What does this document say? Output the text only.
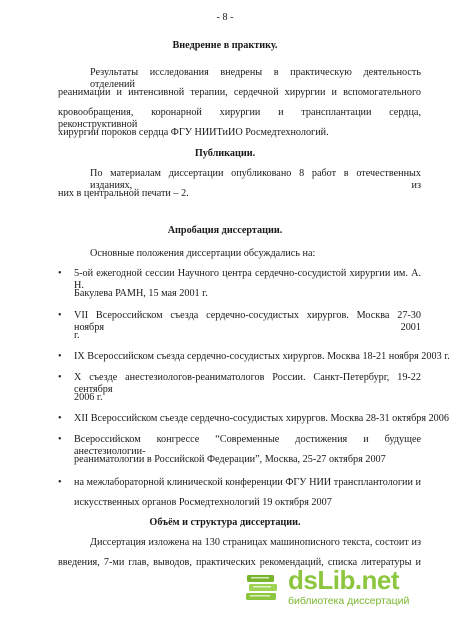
- 8 -
Внедрение в практику.
Результаты исследования внедрены в практическую деятельность отделений
реанимации и интенсивной терапии, сердечной хирургии и вспомогательного
кровообращения, коронарной хирургии и трансплантации сердца, реконструктивной
хирургии пороков сердца ФГУ НИИТиИО Росмедтехнологий.
Публикации.
По материалам диссертации опубликовано 8 работ в отечественных изданиях, из
них в центральной печати – 2.
Апробация диссертации.
Основные положения диссертации обсуждались на:
• 5-ой ежегодной сессии Научного центра сердечно-сосудистой хирургии им. А. Н.
Бакулева РАМН, 15 мая 2001 г.
• VII Всероссийском съезда сердечно-сосудистых хирургов. Москва 27-30 ноября 2001
г.
• IX Всероссийском съезда сердечно-сосудистых хирургов. Москва 18-21 ноября 2003 г.
• X съезде анестезиологов-реаниматологов России. Санкт-Петербург, 19-22 сентября
2006 г.
• XII Всероссийском съезде сердечно-сосудистых хирургов. Москва 28-31 октября 2006
• Всероссийском конгрессе “Современные достижения и будущее анестезиологии-
реаниматологии в Российской Федерации”, Москва, 25-27 октября 2007
• на межлабораторной клинической конференции ФГУ НИИ трансплантологии и
искусственных органов Росмедтехнологий 19 октября 2007
Объём и структура диссертации.
Диссертация изложена на 130 страницах машинописного текста, состоит из
введения, 7-ми глав, выводов, практических рекомендаций, списка литературы и
dsLib.net
библиотека диссертаций
